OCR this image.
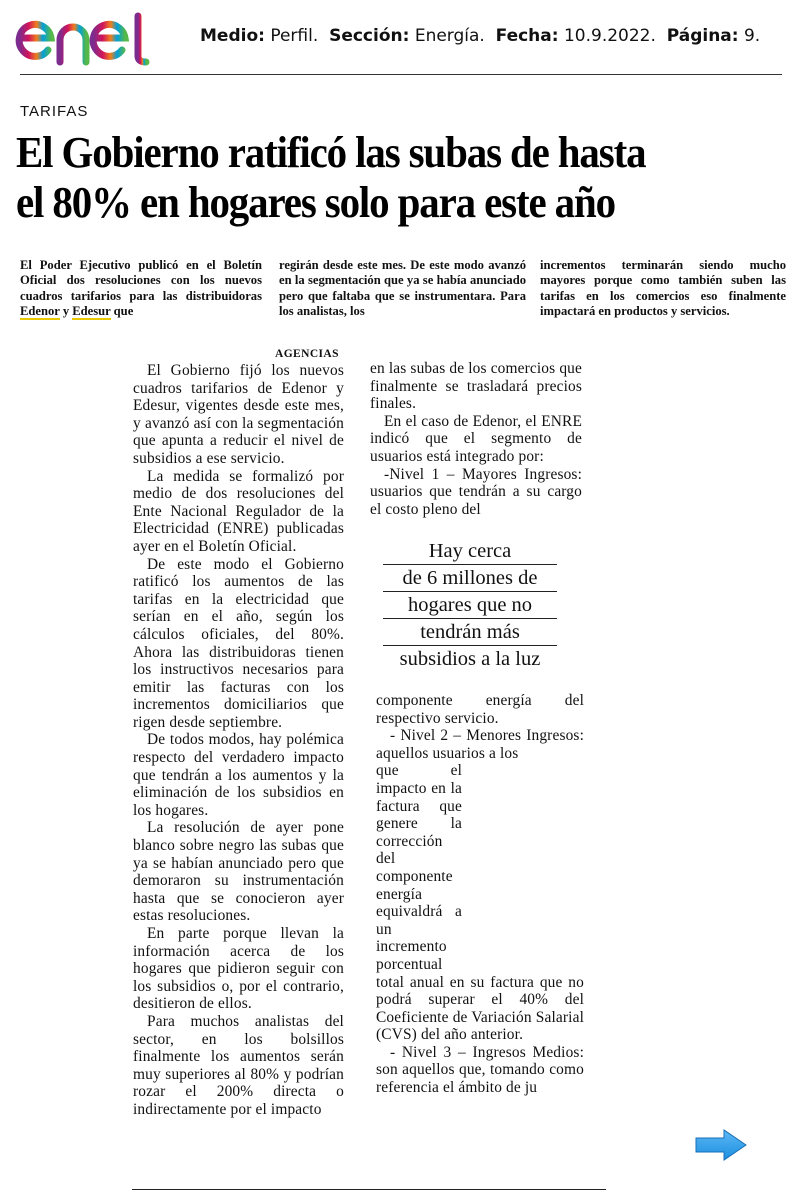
Medio: Perfil. Sección: Energía. Fecha: 10.9.2022. Página: 9.
TARIFAS
El Gobierno ratificó las subas de hasta
el 80% en hogares solo para este año
El Poder Ejecutivo publicó en el Boletín Oficial dos resoluciones con los nuevos cuadros tarifarios para las distribuidoras Edenor y Edesur que
regirán desde este mes. De este modo avanzó en la segmentación que ya se había anunciado pero que faltaba que se instrumentara. Para los analistas, los
incrementos terminarán siendo mucho mayores porque como también suben las tarifas en los comercios eso finalmente impactará en productos y servicios.
AGENCIAS

El Gobierno fijó los nuevos cuadros tarifarios de Edenor y Edesur, vigentes desde este mes, y avanzó así con la segmentación que apunta a reducir el nivel de subsidios a ese servicio.

La medida se formalizó por medio de dos resoluciones del Ente Nacional Regulador de la Electricidad (ENRE) publicadas ayer en el Boletín Oficial.

De este modo el Gobierno ratificó los aumentos de las tarifas en la electricidad que serían en el año, según los cálculos oficiales, del 80%. Ahora las distribuidoras tienen los instructivos necesarios para emitir las facturas con los incrementos domiciliarios que rigen desde septiembre.

De todos modos, hay polémica respecto del verdadero impacto que tendrán a los aumentos y la eliminación de los subsidios en los hogares.

La resolución de ayer pone blanco sobre negro las subas que ya se habían anunciado pero que demoraron su instrumentación hasta que se conocieron ayer estas resoluciones.

En parte porque llevan la información acerca de los hogares que pidieron seguir con los subsidios o, por el contrario, desitieron de ellos.

Para muchos analistas del sector, en los bolsillos finalmente los aumentos serán muy superiores al 80% y podrían rozar el 200% directa o indirectamente por el impacto

en las subas de los comercios que finalmente se trasladará precios finales.

En el caso de Edenor, el ENRE indicó que el segmento de usuarios está integrado por:

-Nivel 1 – Mayores Ingresos: usuarios que tendrán a su cargo el costo pleno del

Hay cerca
de 6 millones de
hogares que no
tendrán más
subsidios a la luz

componente energía del respectivo servicio.

- Nivel 2 – Menores Ingresos: aquellos usuarios a los

que el impacto en la factura que genere la corrección del componente energía equivaldrá a un incremento porcentual

total anual en su factura que no podrá superar el 40% del Coeficiente de Variación Salarial (CVS) del año anterior.

- Nivel 3 – Ingresos Medios: son aquellos que, tomando como referencia el ámbito de ju
